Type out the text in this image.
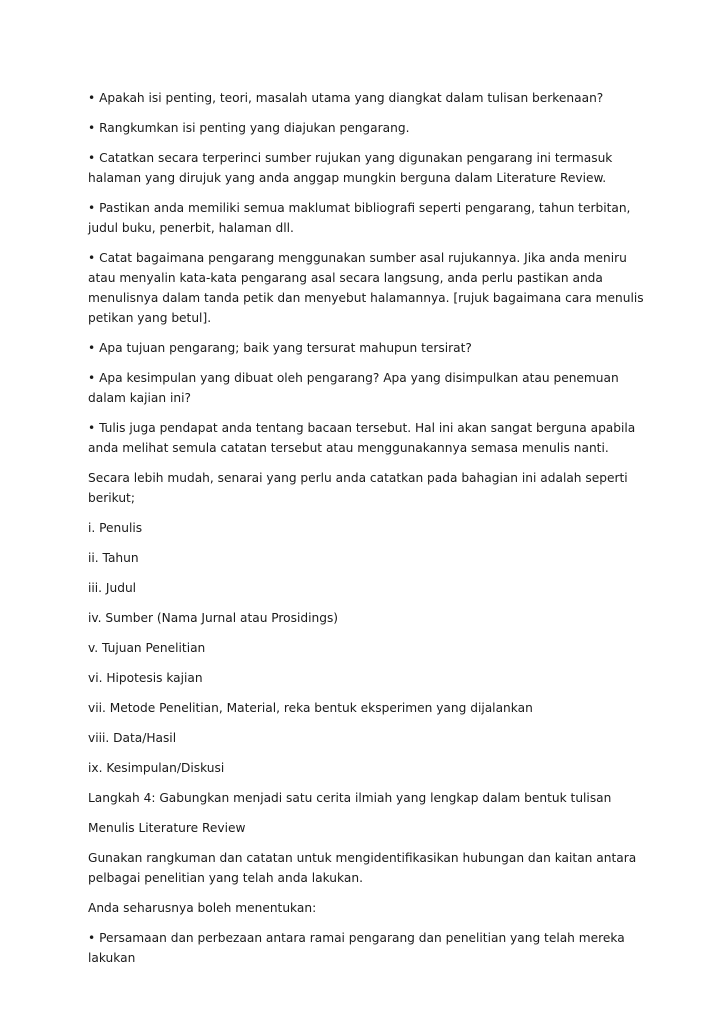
• Apakah isi penting, teori, masalah utama yang diangkat dalam tulisan berkenaan?

• Rangkumkan isi penting yang diajukan pengarang.

• Catatkan secara terperinci sumber rujukan yang digunakan pengarang ini termasuk halaman yang dirujuk yang anda anggap mungkin berguna dalam Literature Review.

• Pastikan anda memiliki semua maklumat bibliografi seperti pengarang, tahun terbitan, judul buku, penerbit, halaman dll.

• Catat bagaimana pengarang menggunakan sumber asal rujukannya. Jika anda meniru atau menyalin kata-kata pengarang asal secara langsung, anda perlu pastikan anda menulisnya dalam tanda petik dan menyebut halamannya. [rujuk bagaimana cara menulis petikan yang betul].

• Apa tujuan pengarang; baik yang tersurat mahupun tersirat?

• Apa kesimpulan yang dibuat oleh pengarang? Apa yang disimpulkan atau penemuan dalam kajian ini?

• Tulis juga pendapat anda tentang bacaan tersebut. Hal ini akan sangat berguna apabila anda melihat semula catatan tersebut atau menggunakannya semasa menulis nanti.

Secara lebih mudah, senarai yang perlu anda catatkan pada bahagian ini adalah seperti berikut;

i. Penulis

ii. Tahun

iii. Judul

iv. Sumber (Nama Jurnal atau Prosidings)

v. Tujuan Penelitian

vi. Hipotesis kajian

vii. Metode Penelitian, Material, reka bentuk eksperimen yang dijalankan

viii. Data/Hasil

ix. Kesimpulan/Diskusi

Langkah 4: Gabungkan menjadi satu cerita ilmiah yang lengkap dalam bentuk tulisan

Menulis Literature Review

Gunakan rangkuman dan catatan untuk mengidentifikasikan hubungan dan kaitan antara pelbagai penelitian yang telah anda lakukan.

Anda seharusnya boleh menentukan:

• Persamaan dan perbezaan antara ramai pengarang dan penelitian yang telah mereka lakukan
